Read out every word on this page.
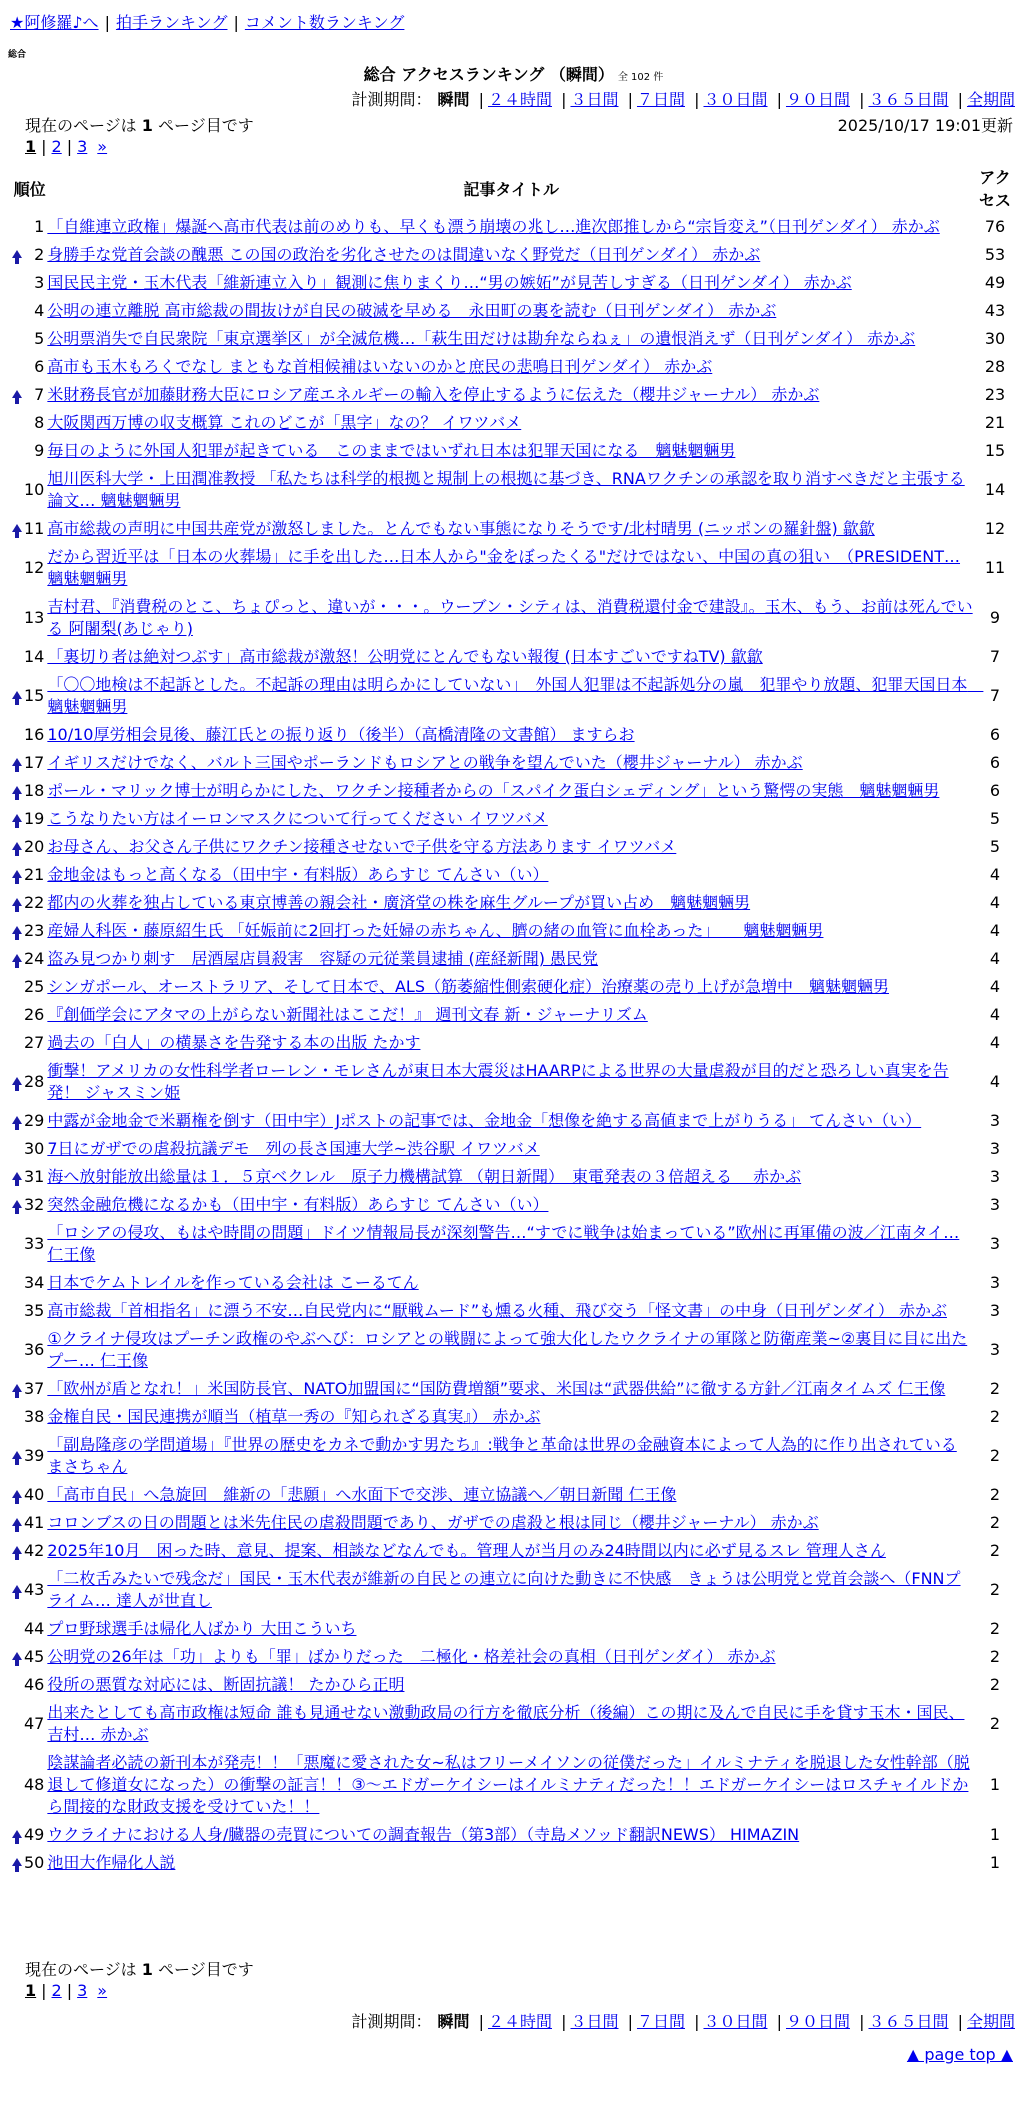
★阿修羅♪へ | 拍手ランキング | コメント数ランキング
総合
総合 アクセスランキング （瞬間） 全 102 件
計測期間： 瞬間 | ２４時間 | ３日間 | ７日間 | ３０日間 | ９０日間 | ３６５日間 | 全期間
現在のページは 1 ページ目です	2025/10/17 19:01更新
1 | 2 | 3 »
順位		記事タイトル	アクセス
	1	「自維連立政権」爆誕へ高市代表は前のめりも、早くも漂う崩壊の兆し…進次郎推しから“宗旨変え”（日刊ゲンダイ） 赤かぶ	76
	2	身勝手な党首会談の醜悪 この国の政治を劣化させたのは間違いなく野党だ（日刊ゲンダイ） 赤かぶ	53
	3	国民民主党・玉木代表「維新連立入り」観測に焦りまくり…“男の嫉妬”が見苦しすぎる（日刊ゲンダイ） 赤かぶ	49
	4	公明の連立離脱 高市総裁の間抜けが自民の破滅を早める　永田町の裏を読む（日刊ゲンダイ） 赤かぶ	43
	5	公明票消失で自民衆院「東京選挙区」が全滅危機…「萩生田だけは勘弁ならねぇ」の遺恨消えず（日刊ゲンダイ） 赤かぶ	30
	6	高市も玉木もろくでなし まともな首相候補はいないのかと庶民の悲鳴日刊ゲンダイ） 赤かぶ	28
	7	米財務長官が加藤財務大臣にロシア産エネルギーの輸入を停止するように伝えた（櫻井ジャーナル） 赤かぶ	23
	8	大阪関西万博の収支概算 これのどこが「黒字」なの？ イワツバメ	21
	9	毎日のように外国人犯罪が起きている　このままではいずれ日本は犯罪天国になる　魑魅魍魎男	15
	10	旭川医科大学・上田潤准教授 「私たちは科学的根拠と規制上の根拠に基づき、RNAワクチンの承認を取り消すべきだと主張する論文… 魑魅魍魎男	14
	11	高市総裁の声明に中国共産党が激怒しました。とんでもない事態になりそうです/北村晴男 (ニッポンの羅針盤) 歙歙	12
	12	だから習近平は「日本の火葬場」に手を出した…日本人から"金をぼったくる"だけではない、中国の真の狙い　（PRESIDENT… 魑魅魍魎男	11
	13	吉村君、『消費税のとこ、ちょぴっと、違いが・・・。ウーブン・シティは、消費税還付金で建設』。玉木、もう、お前は死んでいる 阿闍梨(あじゃり)	9
	14	「裏切り者は絶対つぶす」高市総裁が激怒！公明党にとんでもない報復 (日本すごいですねTV) 歙歙	7
	15	「〇〇地検は不起訴とした。不起訴の理由は明らかにしていない」　外国人犯罪は不起訴処分の嵐　犯罪やり放題、犯罪天国日本　魑魅魍魎男	7
	16	10/10厚労相会見後、藤江氏との振り返り（後半）（高橋清隆の文書館） ますらお	6
	17	イギリスだけでなく、バルト三国やポーランドもロシアとの戦争を望んでいた（櫻井ジャーナル） 赤かぶ	6
	18	ポール・マリック博士が明らかにした、ワクチン接種者からの「スパイク蛋白シェディング」という驚愕の実態　魑魅魍魎男	6
	19	こうなりたい方はイーロンマスクについて行ってください イワツバメ	5
	20	お母さん、お父さん子供にワクチン接種させないで子供を守る方法あります イワツバメ	5
	21	金地金はもっと高くなる（田中宇・有料版）あらすじ てんさい（い）	4
	22	都内の火葬を独占している東京博善の親会社・廣済堂の株を麻生グループが買い占め　魑魅魍魎男	4
	23	産婦人科医・藤原紹生氏 「妊娠前に2回打った妊婦の赤ちゃん、臍の緒の血管に血栓あった」　　魑魅魍魎男	4
	24	盗み見つかり刺す　居酒屋店員殺害　容疑の元従業員逮捕 (産経新聞) 愚民党	4
	25	シンガポール、オーストラリア、そして日本で、ALS（筋萎縮性側索硬化症）治療薬の売り上げが急増中　魑魅魍魎男	4
	26	『創価学会にアタマの上がらない新聞社はここだ！』 週刊文春 新・ジャーナリズム	4
	27	過去の「白人」の横暴さを告発する本の出版 たかす	4
	28	衝撃！アメリカの女性科学者ローレン・モレさんが東日本大震災はHAARPによる世界の大量虐殺が目的だと恐ろしい真実を告発！ ジャスミン姫	4
	29	中露が金地金で米覇権を倒す（田中宇）Jポストの記事では、金地金「想像を絶する高値まで上がりうる」 てんさい（い）	3
	30	7日にガザでの虐殺抗議デモ　列の長さ国連大学~渋谷駅 イワツバメ	3
	31	海へ放射能放出総量は１．５京ベクレル　原子力機構試算 （朝日新聞）　東電発表の３倍超える　 赤かぶ	3
	32	突然金融危機になるかも（田中宇・有料版）あらすじ てんさい（い）	3
	33	「ロシアの侵攻、もはや時間の問題」ドイツ情報局長が深刻警告…“すでに戦争は始まっている”欧州に再軍備の波／江南タイ… 仁王像	3
	34	日本でケムトレイルを作っている会社は こーるてん	3
	35	高市総裁「首相指名」に漂う不安…自民党内に“厭戦ムード”も燻る火種、飛び交う「怪文書」の中身（日刊ゲンダイ） 赤かぶ	3
	36	①クライナ侵攻はプーチン政権のやぶへび：ロシアとの戦闘によって強大化したウクライナの軍隊と防衛産業~②裏目に目に出たプー… 仁王像	3
	37	「欧州が盾となれ！」米国防長官、NATO加盟国に“国防費増額”要求、米国は“武器供給”に徹する方針／江南タイムズ 仁王像	2
	38	金権自民・国民連携が順当（植草一秀の『知られざる真実』） 赤かぶ	2
	39	「副島隆彦の学問道場」『世界の歴史をカネで動かす男たち』:戦争と革命は世界の金融資本によって人為的に作り出されている まさちゃん	2
	40	「高市自民」へ急旋回　維新の「悲願」へ水面下で交渉、連立協議へ／朝日新聞 仁王像	2
	41	コロンブスの日の問題とは米先住民の虐殺問題であり、ガザでの虐殺と根は同じ（櫻井ジャーナル） 赤かぶ	2
	42	2025年10月　困った時、意見、提案、相談などなんでも。管理人が当月のみ24時間以内に必ず見るスレ 管理人さん	2
	43	「二枚舌みたいで残念だ」国民・玉木代表が維新の自民との連立に向けた動きに不快感　きょうは公明党と党首会談へ（FNNプライム… 達人が世直し	2
	44	プロ野球選手は帰化人ばかり 大田こういち	2
	45	公明党の26年は「功」よりも「罪」ばかりだった　二極化・格差社会の真相（日刊ゲンダイ） 赤かぶ	2
	46	役所の悪質な対応には、断固抗議！ たかひら正明	2
	47	出来たとしても高市政権は短命 誰も見通せない激動政局の行方を徹底分析（後編）この期に及んで自民に手を貸す玉木・国民、吉村… 赤かぶ	2
	48	陰謀論者必読の新刊本が発売！！「悪魔に愛された女~私はフリーメイソンの従僕だった」イルミナティを脱退した女性幹部（脱退して修道女になった）の衝撃の証言！！③～エドガーケイシーはイルミナティだった！！エドガーケイシーはロスチャイルドから間接的な財政支援を受けていた！！	1
	49	ウクライナにおける人身/臓器の売買についての調査報告（第3部）（寺島メソッド翻訳NEWS） HIMAZIN	1
	50	池田大作帰化人説	1
現在のページは 1 ページ目です
1 | 2 | 3 »
計測期間： 瞬間 | ２４時間 | ３日間 | ７日間 | ３０日間 | ９０日間 | ３６５日間 | 全期間
▲ page top ▲
